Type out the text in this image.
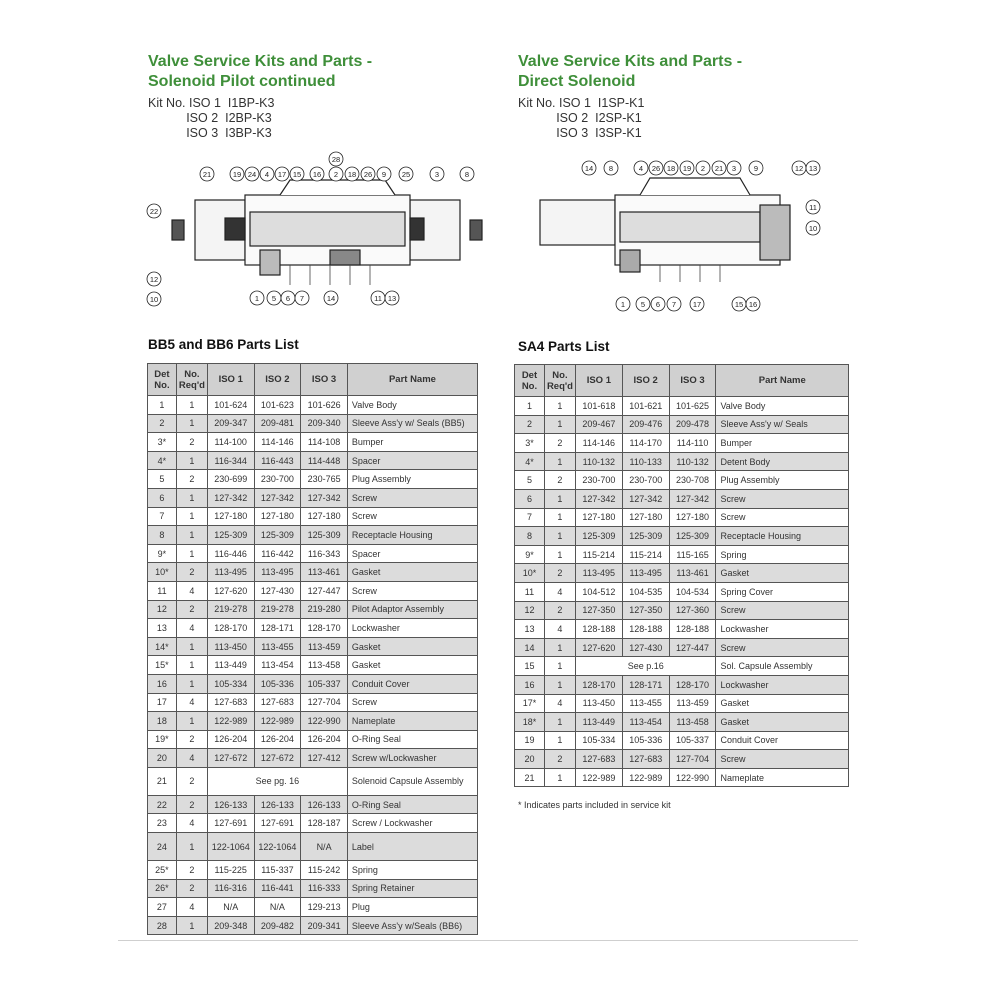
Valve Service Kits and Parts -
Solenoid Pilot continued
Kit No. ISO 1  I1BP-K3
ISO 2  I2BP-K3
ISO 3  I3BP-K3
21	19 24 4 17 15 16 2
28
18 26 9 25	3	8
22
12
10	1 5 6 7	14	11 13
Valve Service Kits and Parts -
Direct Solenoid
Kit No. ISO 1  I1SP-K1
ISO 2  I2SP-K1
ISO 3  I3SP-K1
14 8	4 26 18 19 2 21 3 9	12 13
11
10
1 5 6 7 17	15 16
BB5 and BB6 Parts List	SA4 Parts List
Det No.	No. Req'd	ISO 1	ISO 2	ISO 3	Part Name
1	1	101-624	101-623	101-626	Valve Body
2	1	209-347	209-481	209-340	Sleeve Ass'y w/ Seals (BB5)
3*	2	114-100	114-146	114-108	Bumper
4*	1	116-344	116-443	114-448	Spacer
5	2	230-699	230-700	230-765	Plug Assembly
6	1	127-342	127-342	127-342	Screw
7	1	127-180	127-180	127-180	Screw
8	1	125-309	125-309	125-309	Receptacle Housing
9*	1	116-446	116-442	116-343	Spacer
10*	2	113-495	113-495	113-461	Gasket
11	4	127-620	127-430	127-447	Screw
12	2	219-278	219-278	219-280	Pilot Adaptor Assembly
13	4	128-170	128-171	128-170	Lockwasher
14*	1	113-450	113-455	113-459	Gasket
15*	1	113-449	113-454	113-458	Gasket
16	1	105-334	105-336	105-337	Conduit Cover
17	4	127-683	127-683	127-704	Screw
18	1	122-989	122-989	122-990	Nameplate
19*	2	126-204	126-204	126-204	O-Ring Seal
20	4	127-672	127-672	127-412	Screw w/Lockwasher
21	2	See pg. 16			Solenoid Capsule Assembly
22	2	126-133	126-133	126-133	O-Ring Seal
23	4	127-691	127-691	128-187	Screw / Lockwasher
24	1	122-1064	122-1064	N/A	Label
25*	2	115-225	115-337	115-242	Spring
26*	2	116-316	116-441	116-333	Spring Retainer
27	4	N/A	N/A	129-213	Plug
28	1	209-348	209-482	209-341	Sleeve Ass'y w/Seals (BB6)
Det No.	No. Req'd	ISO 1	ISO 2	ISO 3	Part Name
1	1	101-618	101-621	101-625	Valve Body
2	1	209-467	209-476	209-478	Sleeve Ass'y w/ Seals
3*	2	114-146	114-170	114-110	Bumper
4*	1	110-132	110-133	110-132	Detent Body
5	2	230-700	230-700	230-708	Plug Assembly
6	1	127-342	127-342	127-342	Screw
7	1	127-180	127-180	127-180	Screw
8	1	125-309	125-309	125-309	Receptacle Housing
9*	1	115-214	115-214	115-165	Spring
10*	2	113-495	113-495	113-461	Gasket
11	4	104-512	104-535	104-534	Spring Cover
12	2	127-350	127-350	127-360	Screw
13	4	128-188	128-188	128-188	Lockwasher
14	1	127-620	127-430	127-447	Screw
15	1	See p.16			Sol. Capsule Assembly
16	1	128-170	128-171	128-170	Lockwasher
17*	4	113-450	113-455	113-459	Gasket
18*	1	113-449	113-454	113-458	Gasket
19	1	105-334	105-336	105-337	Conduit Cover
20	2	127-683	127-683	127-704	Screw
21	1	122-989	122-989	122-990	Nameplate
* Indicates parts included in service kit
